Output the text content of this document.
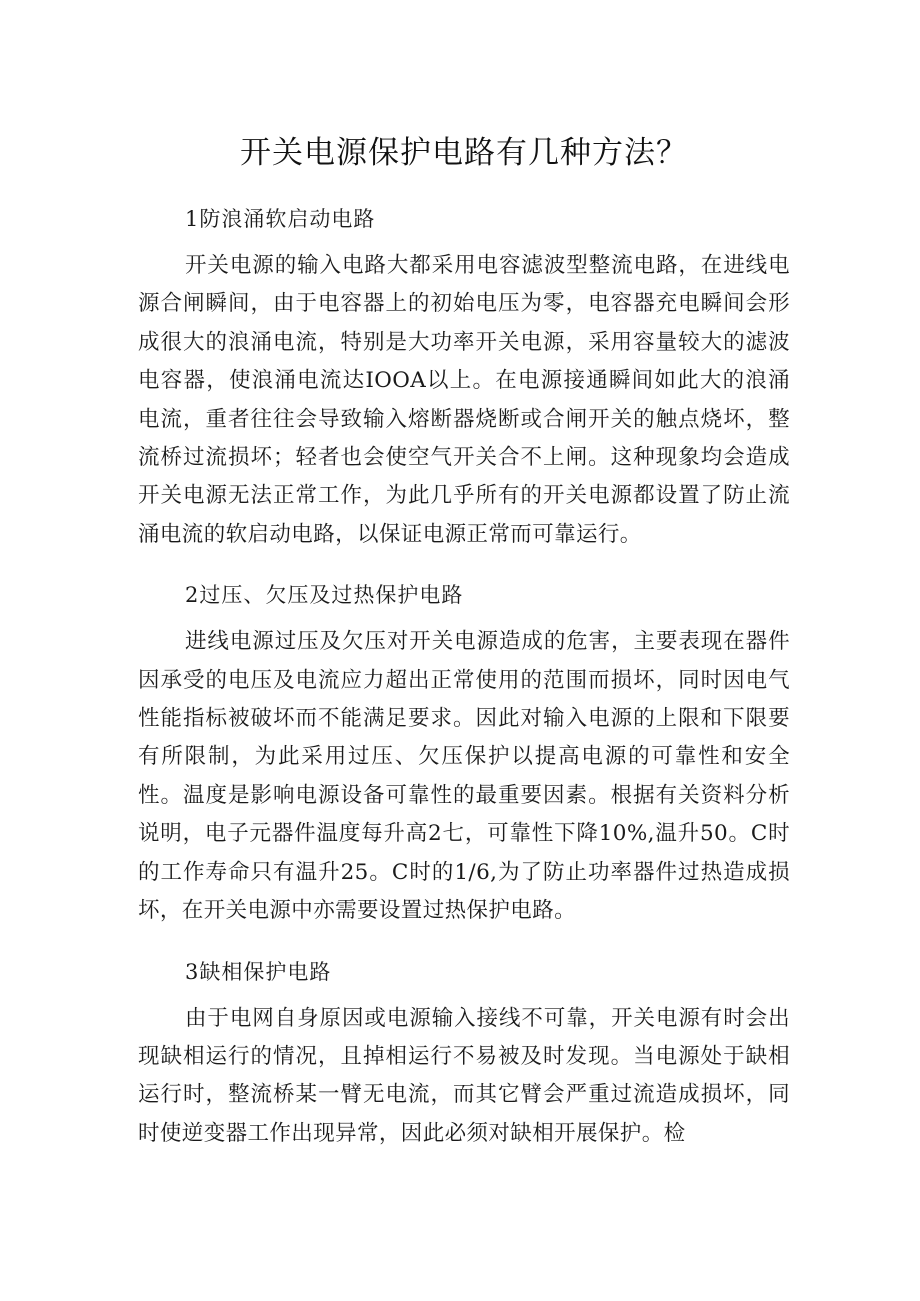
开关电源保护电路有几种方法？
1防浪涌软启动电路

开关电源的输入电路大都采用电容滤波型整流电路，在进线电源合闸瞬间，由于电容器上的初始电压为零，电容器充电瞬间会形成很大的浪涌电流，特别是大功率开关电源，采用容量较大的滤波电容器，使浪涌电流达IOOA以上。在电源接通瞬间如此大的浪涌电流，重者往往会导致输入熔断器烧断或合闸开关的触点烧坏，整流桥过流损坏；轻者也会使空气开关合不上闸。这种现象均会造成开关电源无法正常工作，为此几乎所有的开关电源都设置了防止流涌电流的软启动电路，以保证电源正常而可靠运行。

2过压、欠压及过热保护电路

进线电源过压及欠压对开关电源造成的危害，主要表现在器件因承受的电压及电流应力超出正常使用的范围而损坏，同时因电气性能指标被破坏而不能满足要求。因此对输入电源的上限和下限要有所限制，为此采用过压、欠压保护以提高电源的可靠性和安全性。温度是影响电源设备可靠性的最重要因素。根据有关资料分析说明，电子元器件温度每升高2七，可靠性下降10%,温升50。C时的工作寿命只有温升25。C时的1/6,为了防止功率器件过热造成损坏，在开关电源中亦需要设置过热保护电路。

3缺相保护电路

由于电网自身原因或电源输入接线不可靠，开关电源有时会出现缺相运行的情况，且掉相运行不易被及时发现。当电源处于缺相运行时，整流桥某一臂无电流，而其它臂会严重过流造成损坏，同时使逆变器工作出现异常，因此必须对缺相开展保护。检
